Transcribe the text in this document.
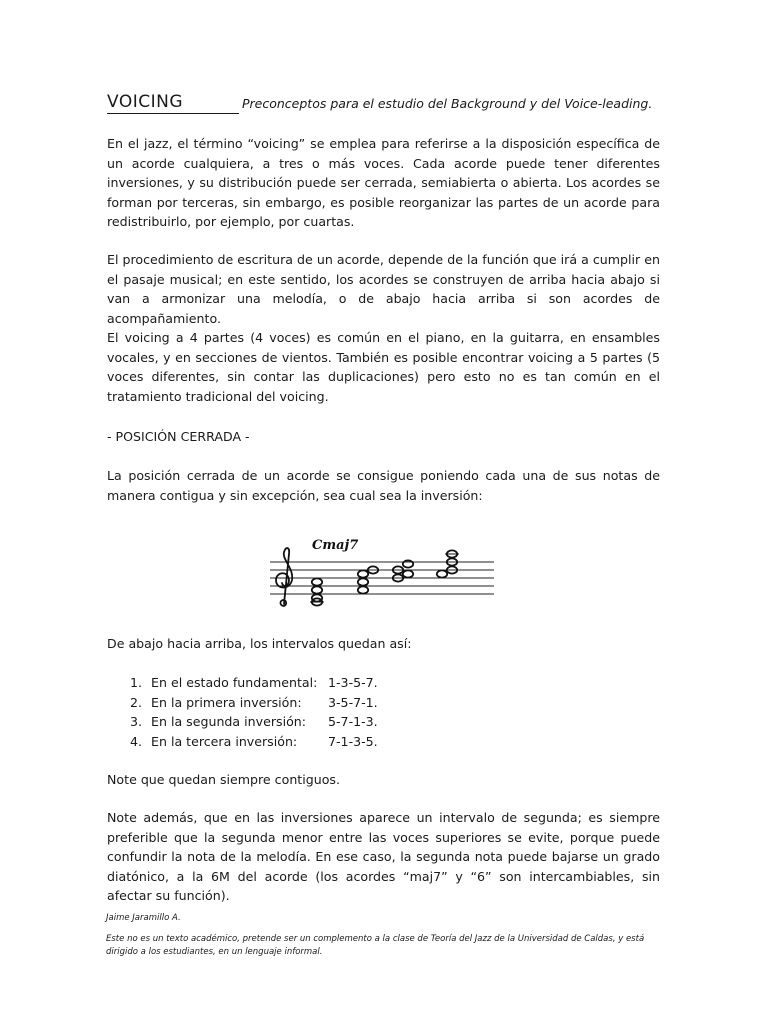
VOICING	Preconceptos para el estudio del Background y del Voice-leading.

En el jazz, el término “voicing” se emplea para referirse a la disposición específica de un acorde cualquiera, a tres o más voces. Cada acorde puede tener diferentes inversiones, y su distribución puede ser cerrada, semiabierta o abierta. Los acordes se forman por terceras, sin embargo, es posible reorganizar las partes de un acorde para redistribuirlo, por ejemplo, por cuartas.

El procedimiento de escritura de un acorde, depende de la función que irá a cumplir en el pasaje musical; en este sentido, los acordes se construyen de arriba hacia abajo si van a armonizar una melodía, o de abajo hacia arriba si son acordes de acompañamiento.

El voicing a 4 partes (4 voces) es común en el piano, en la guitarra, en ensambles vocales, y en secciones de vientos. También es posible encontrar voicing a 5 partes (5 voces diferentes, sin contar las duplicaciones) pero esto no es tan común en el tratamiento tradicional del voicing.

- POSICIÓN CERRADA -

La posición cerrada de un acorde se consigue poniendo cada una de sus notas de manera contigua y sin excepción, sea cual sea la inversión:

Cmaj7

De abajo hacia arriba, los intervalos quedan así:

1. En el estado fundamental: 1-3-5-7.
2. En la primera inversión: 3-5-7-1.
3. En la segunda inversión: 5-7-1-3.
4. En la tercera inversión: 7-1-3-5.

Note que quedan siempre contiguos.

Note además, que en las inversiones aparece un intervalo de segunda; es siempre preferible que la segunda menor entre las voces superiores se evite, porque puede confundir la nota de la melodía. En ese caso, la segunda nota puede bajarse un grado diatónico, a la 6M del acorde (los acordes “maj7” y “6” son intercambiables, sin afectar su función).

Jaime Jaramillo A.
Este no es un texto académico, pretende ser un complemento a la clase de Teoría del Jazz de la Universidad de Caldas, y está dirigido a los estudiantes, en un lenguaje informal.
